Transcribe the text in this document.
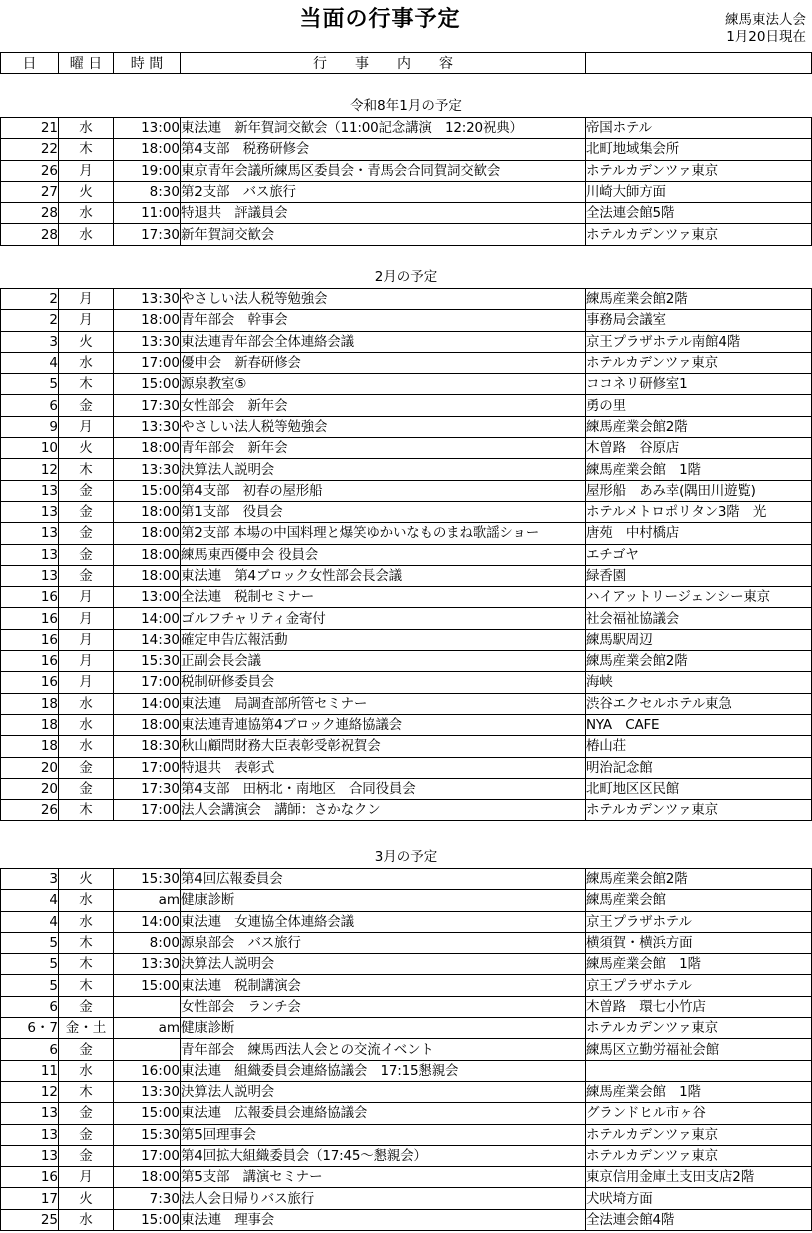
当面の行事予定	練馬東法人会
1月20日現在
日	曜 日	時 間	行　　事　　内　　容	
令和8年1月の予定
21	水	13:00	東法連　新年賀詞交歓会（11:00記念講演　12:20祝典）	帝国ホテル
22	木	18:00	第4支部　税務研修会	北町地域集会所
26	月	19:00	東京青年会議所練馬区委員会・青馬会合同賀詞交歓会	ホテルカデンツァ東京
27	火	8:30	第2支部　バス旅行	川崎大師方面
28	水	11:00	特退共　評議員会	全法連会館5階
28	水	17:30	新年賀詞交歓会	ホテルカデンツァ東京
2月の予定
2	月	13:30	やさしい法人税等勉強会	練馬産業会館2階
2	月	18:00	青年部会　幹事会	事務局会議室
3	火	13:30	東法連青年部会全体連絡会議	京王プラザホテル南館4階
4	水	17:00	優申会　新春研修会	ホテルカデンツァ東京
5	木	15:00	源泉教室⑤	ココネリ研修室1
6	金	17:30	女性部会　新年会	勇の里
9	月	13:30	やさしい法人税等勉強会	練馬産業会館2階
10	火	18:00	青年部会　新年会	木曽路　谷原店
12	木	13:30	決算法人説明会	練馬産業会館　1階
13	金	15:00	第4支部　初春の屋形船	屋形船　あみ幸(隅田川遊覧)
13	金	18:00	第1支部　役員会	ホテルメトロポリタン3階　光
13	金	18:00	第2支部 本場の中国料理と爆笑ゆかいなものまね歌謡ショー	唐苑　中村橋店
13	金	18:00	練馬東西優申会 役員会	エチゴヤ
13	金	18:00	東法連　第4ブロック女性部会長会議	緑香園
16	月	13:00	全法連　税制セミナー	ハイアットリージェンシー東京
16	月	14:00	ゴルフチャリティ金寄付	社会福祉協議会
16	月	14:30	確定申告広報活動	練馬駅周辺
16	月	15:30	正副会長会議	練馬産業会館2階
16	月	17:00	税制研修委員会	海峡
18	水	14:00	東法連　局調査部所管セミナー	渋谷エクセルホテル東急
18	水	18:00	東法連青連協第4ブロック連絡協議会	NYA　CAFE
18	水	18:30	秋山顧問財務大臣表彰受彰祝賀会	椿山荘
20	金	17:00	特退共　表彰式	明治記念館
20	金	17:30	第4支部　田柄北・南地区　合同役員会	北町地区区民館
26	木	17:00	法人会講演会　講師：さかなクン	ホテルカデンツァ東京
3月の予定
3	火	15:30	第4回広報委員会	練馬産業会館2階
4	水	am	健康診断	練馬産業会館
4	水	14:00	東法連　女連協全体連絡会議	京王プラザホテル
5	木	8:00	源泉部会　バス旅行	横須賀・横浜方面
5	木	13:30	決算法人説明会	練馬産業会館　1階
5	木	15:00	東法連　税制講演会	京王プラザホテル
6	金		女性部会　ランチ会	木曽路　環七小竹店
6・7	金・土	am	健康診断	ホテルカデンツァ東京
6	金		青年部会　練馬西法人会との交流イベント	練馬区立勤労福祉会館
11	水	16:00	東法連　組織委員会連絡協議会　17:15懇親会	
12	木	13:30	決算法人説明会	練馬産業会館　1階
13	金	15:00	東法連　広報委員会連絡協議会	グランドヒル市ヶ谷
13	金	15:30	第5回理事会	ホテルカデンツァ東京
13	金	17:00	第4回拡大組織委員会（17:45～懇親会）	ホテルカデンツァ東京
16	月	18:00	第5支部　講演セミナー	東京信用金庫土支田支店2階
17	火	7:30	法人会日帰りバス旅行	犬吠埼方面
25	水	15:00	東法連　理事会	全法連会館4階
